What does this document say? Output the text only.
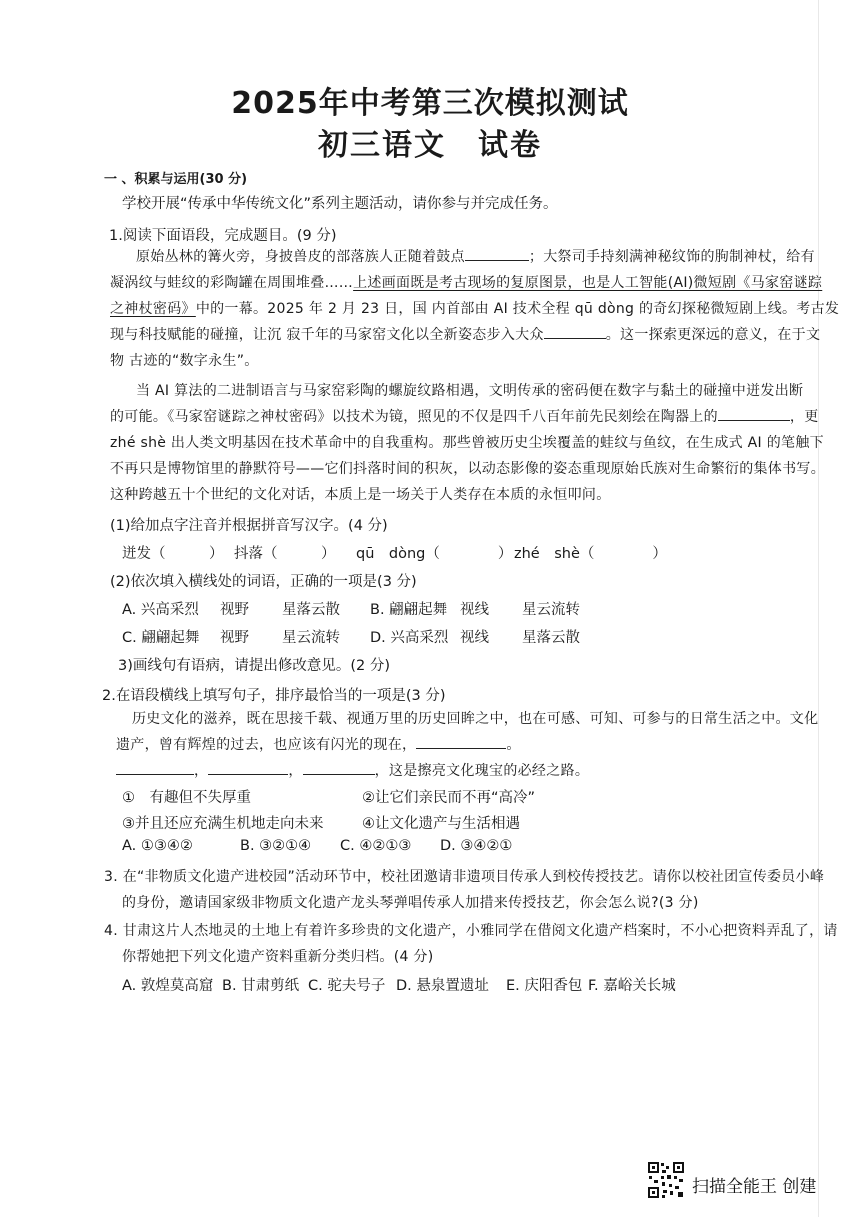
2025年中考第三次模拟测试
初三语文　试卷
一 、积累与运用(30 分)
学校开展“传承中华传统文化”系列主题活动，请你参与并完成任务。
1.阅读下面语段，完成题目。(9 分)
原始丛林的篝火旁，身披兽皮的部落族人正随着鼓点	；大祭司手持刻满神秘纹饰的朐制神杖，给有
凝涡纹与蛙纹的彩陶罐在周围堆叠……上述画面既是考古现场的复原图景，也是人工智能(AI)微短剧《马家窑谜踪
之神杖密码》中的一幕。2025 年 2 月 23 日，国 内首部由 AI 技术全程 qū dòng 的奇幻探秘微短剧上线。考古发
现与科技赋能的碰撞，让沉 寂千年的马家窑文化以全新姿态步入大众	。这一探索更深远的意义，在于文
物 古迹的“数字永生”。
当 AI 算法的二进制语言与马家窑彩陶的螺旋纹路相遇，文明传承的密码便在数字与黏土的碰撞中迸发出断
的可能。《马家窑谜踪之神杖密码》以技术为镜，照见的不仅是四千八百年前先民刻绘在陶器上的	，更
zhé shè 出人类文明基因在技术革命中的自我重构。那些曾被历史尘埃覆盖的蛙纹与鱼纹，在生成式 AI 的笔触下
不再只是博物馆里的静默符号——它们抖落时间的积灰，以动态影像的姿态重现原始氏族对生命繁衍的集体书写。
这种跨越五十个世纪的文化对话，本质上是一场关于人类存在本质的永恒叩问。
(1)给加点字注音并根据拼音写汉字。(4 分)
迸发（　　　） 抖落（　　　） qū　dòng（　　　　） zhé　shè（　　　　）
(2)依次填入横线处的词语，正确的一项是(3 分)
A. 兴高采烈 视野 星落云散 B. 翩翩起舞 视线 星云流转
C. 翩翩起舞 视野 星云流转 D. 兴高采烈 视线 星落云散
3)画线句有语病，请提出修改意见。(2 分)
2.在语段横线上填写句子，排序最恰当的一项是(3 分)
历史文化的滋养，既在思接千载、视通万里的历史回眸之中，也在可感、可知、可参与的日常生活之中。文化
遗产，曾有辉煌的过去，也应该有闪光的现在，	。
，	，	，这是擦亮文化瑰宝的必经之路。
①　有趣但不失厚重	②让它们亲民而不再“高冷”
③并且还应充满生机地走向未来	④让文化遗产与生活相遇
A. ①③④②	B. ③②①④ C. ④②①③ D. ③④②①
3. 在“非物质文化遗产进校园”活动环节中，校社团邀请非遗项目传承人到校传授技艺。请你以校社团宣传委员小峰
的身份，邀请国家级非物质文化遗产龙头琴弹唱传承人加措来传授技艺，你会怎么说?(3 分)
4. 甘肃这片人杰地灵的土地上有着许多珍贵的文化遗产，小雅同学在借阅文化遗产档案时，不小心把资料弄乱了，请
你帮她把下列文化遗产资料重新分类归档。(4 分)
A. 敦煌莫高窟 B. 甘肃剪纸 C. 驼夫号子 D. 悬泉置遗址 E. 庆阳香包 F. 嘉峪关长城
扫描全能王 创建
